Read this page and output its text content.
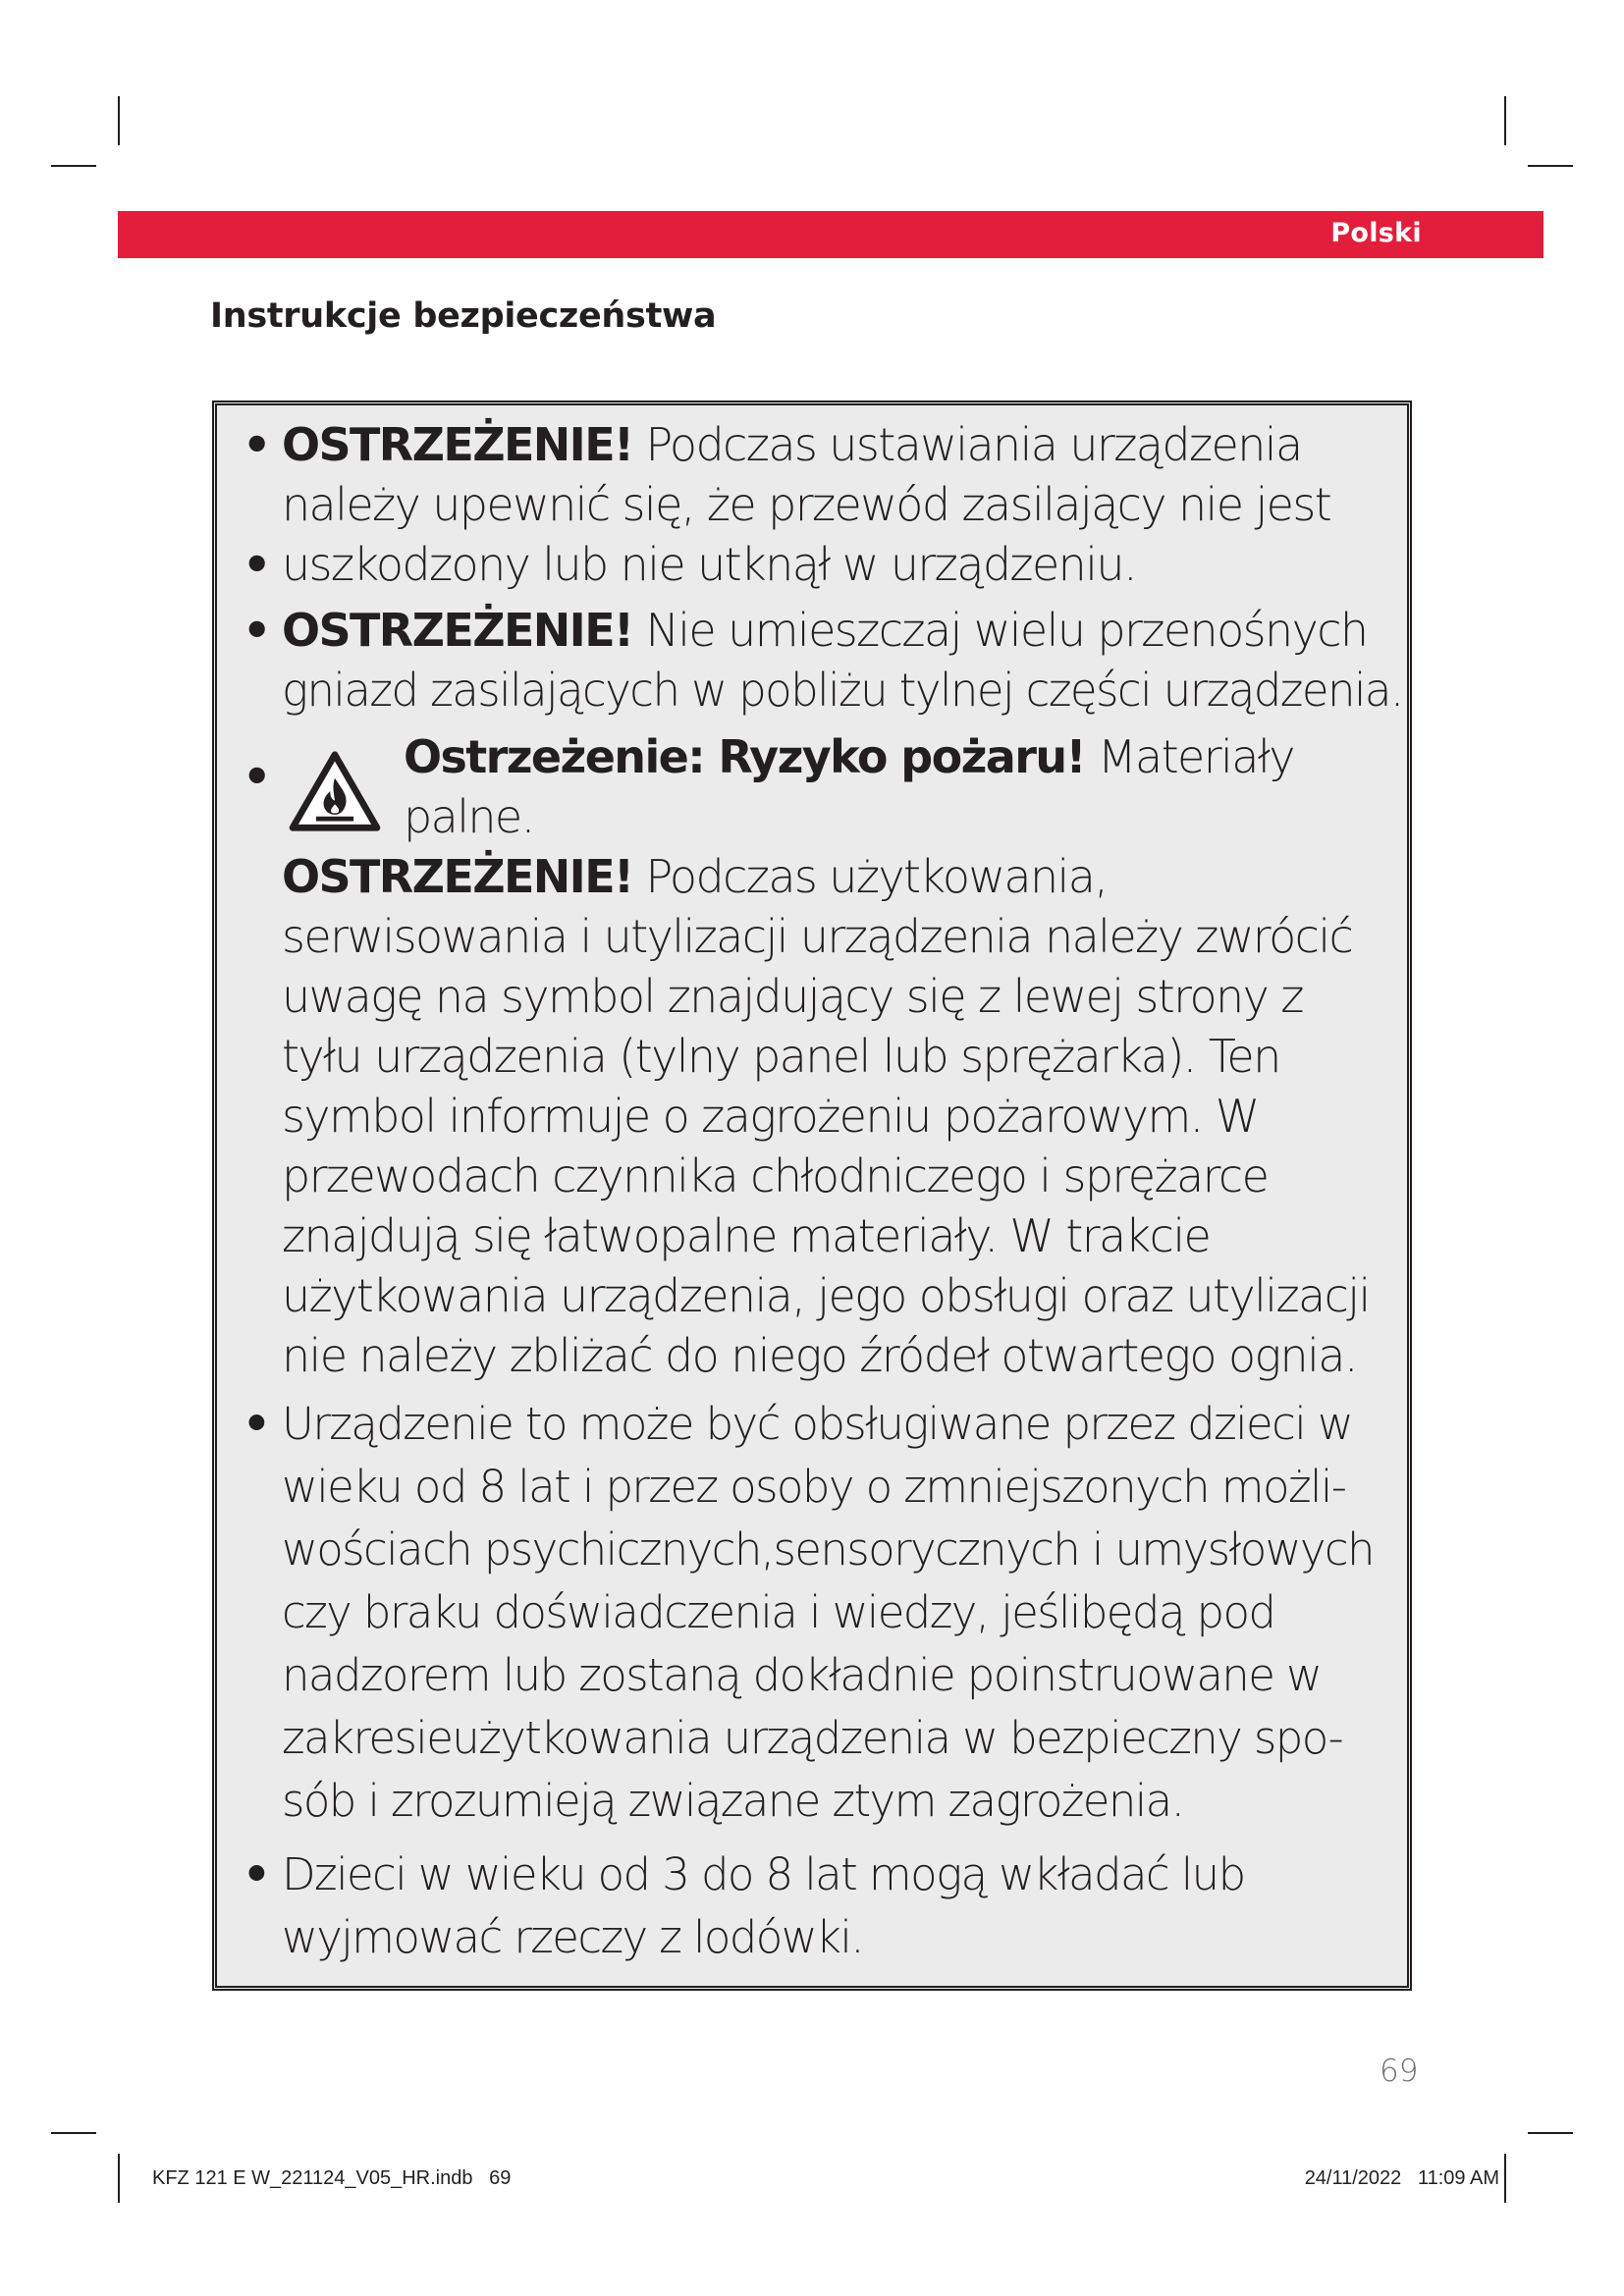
Polski
Instrukcje bezpieczeństwa
•
•
OSTRZEŻENIE! Podczas ustawiania urządzenia
należy upewnić się, że przewód zasilający nie jest
uszkodzony lub nie utknął w urządzeniu.
• OSTRZEŻENIE! Nie umieszczaj wielu przenośnych
gniazd zasilających w pobliżu tylnej części urządzenia.
•	Ostrzeżenie: Ryzyko pożaru! Materiały
palne.
OSTRZEŻENIE! Podczas użytkowania,
serwisowania i utylizacji urządzenia należy zwrócić
uwagę na symbol znajdujący się z lewej strony z
tyłu urządzenia (tylny panel lub sprężarka). Ten
symbol informuje o zagrożeniu pożarowym. W
przewodach czynnika chłodniczego i sprężarce
znajdują się łatwopalne materiały. W trakcie
użytkowania urządzenia, jego obsługi oraz utylizacji
nie należy zbliżać do niego źródeł otwartego ognia.
• Urządzenie to może być obsługiwane przez dzieci w
wieku od 8 lat i przez osoby o zmniejszonych możli-
wościach psychicznych,sensorycznych i umysłowych
czy braku doświadczenia i wiedzy, jeślibędą pod
nadzorem lub zostaną dokładnie poinstruowane w
zakresieużytkowania urządzenia w bezpieczny spo-
sób i zrozumieją związane ztym zagrożenia.
• Dzieci w wieku od 3 do 8 lat mogą wkładać lub
wyjmować rzeczy z lodówki.
69
KFZ 121 E W_221124_V05_HR.indb   69	24/11/2022   11:09 AM
